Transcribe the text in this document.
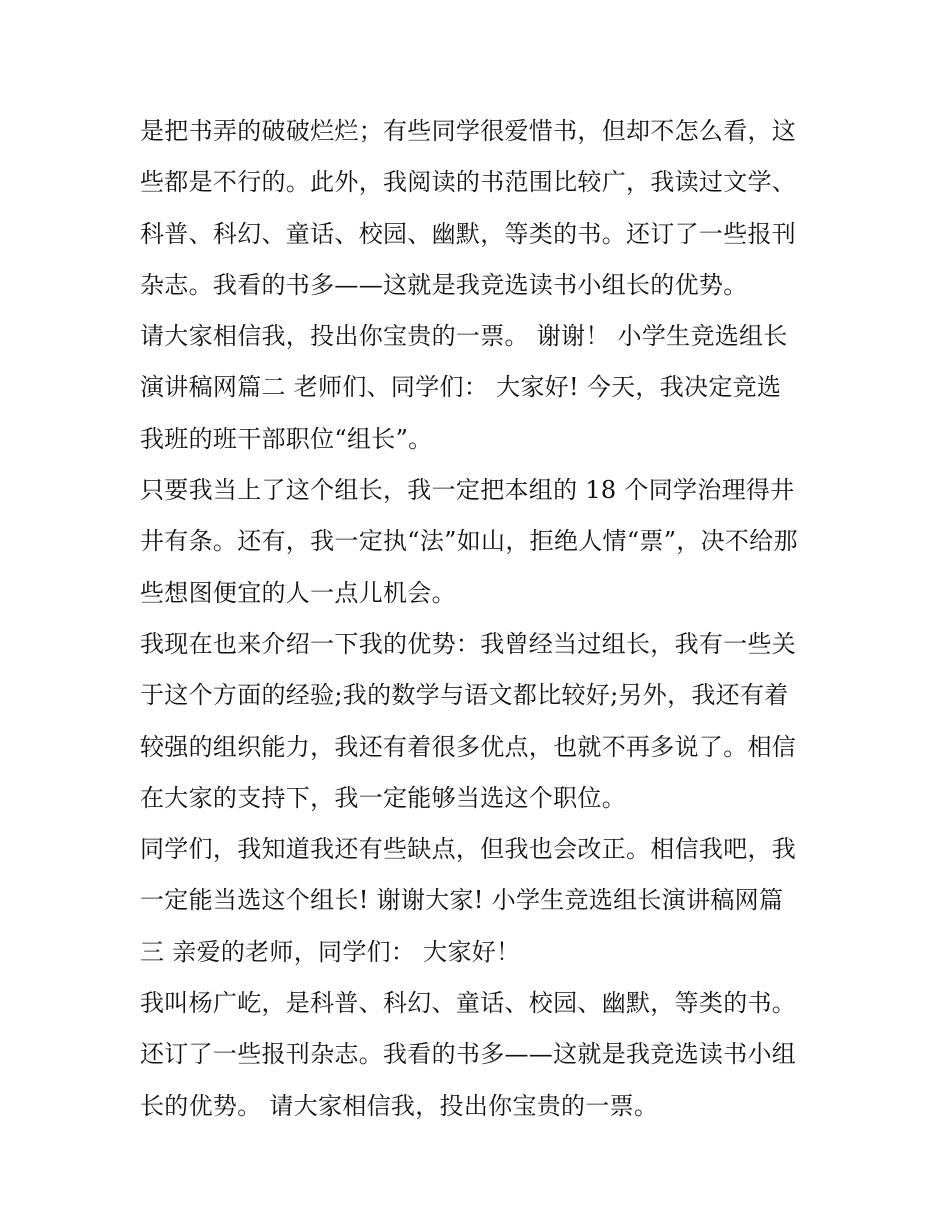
是把书弄的破破烂烂；有些同学很爱惜书，但却不怎么看，这
些都是不行的。此外，我阅读的书范围比较广，我读过文学、
科普、科幻、童话、校园、幽默，等类的书。还订了一些报刊
杂志。我看的书多——这就是我竞选读书小组长的优势。
请大家相信我，投出你宝贵的一票。 谢谢！ 小学生竞选组长
演讲稿网篇二 老师们、同学们： 大家好! 今天，我决定竞选
我班的班干部职位“组长”。
只要我当上了这个组长，我一定把本组的 18 个同学治理得井
井有条。还有，我一定执“法”如山，拒绝人情“票”，决不给那
些想图便宜的人一点儿机会。
我现在也来介绍一下我的优势：我曾经当过组长，我有一些关
于这个方面的经验;我的数学与语文都比较好;另外，我还有着
较强的组织能力，我还有着很多优点，也就不再多说了。相信
在大家的支持下，我一定能够当选这个职位。
同学们，我知道我还有些缺点，但我也会改正。相信我吧，我
一定能当选这个组长! 谢谢大家! 小学生竞选组长演讲稿网篇
三 亲爱的老师，同学们： 大家好！
我叫杨广屹，是科普、科幻、童话、校园、幽默，等类的书。
还订了一些报刊杂志。我看的书多——这就是我竞选读书小组
长的优势。 请大家相信我，投出你宝贵的一票。
